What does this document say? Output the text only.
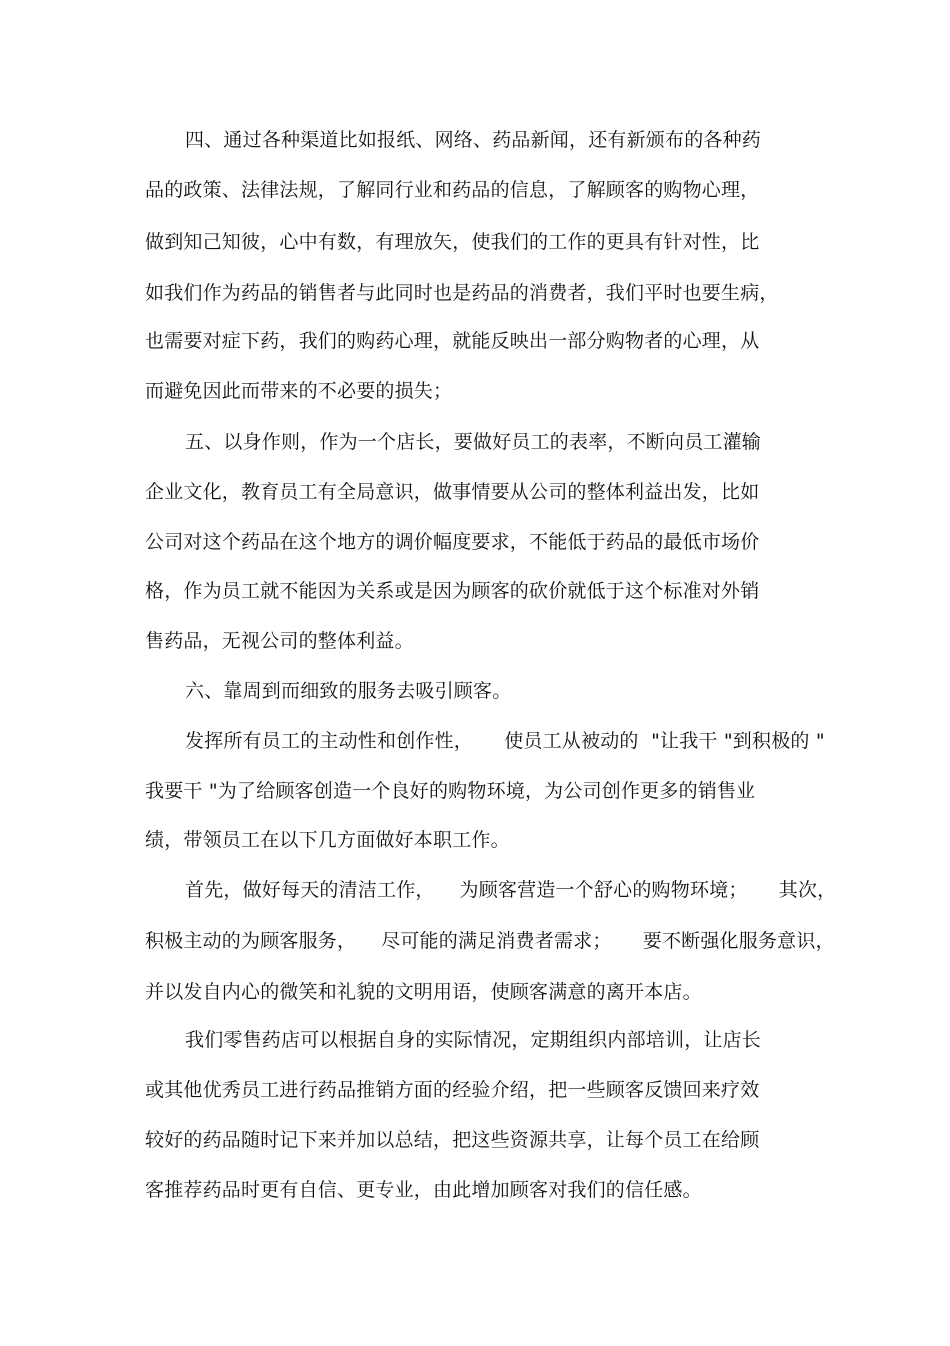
四、通过各种渠道比如报纸、网络、药品新闻，还有新颁布的各种药
品的政策、法律法规，了解同行业和药品的信息，了解顾客的购物心理，
做到知己知彼，心中有数，有理放矢，使我们的工作的更具有针对性，比
如我们作为药品的销售者与此同时也是药品的消费者，我们平时也要生病，
也需要对症下药，我们的购药心理，就能反映出一部分购物者的心理，从
而避免因此而带来的不必要的损失；
五、以身作则，作为一个店长，要做好员工的表率，不断向员工灌输
企业文化，教育员工有全局意识，做事情要从公司的整体利益出发，比如
公司对这个药品在这个地方的调价幅度要求，不能低于药品的最低市场价
格，作为员工就不能因为关系或是因为顾客的砍价就低于这个标准对外销
售药品，无视公司的整体利益。
六、靠周到而细致的服务去吸引顾客。
发挥所有员工的主动性和创作性，     使员工从被动的  "让我干 "到积极的 "
我要干 "为了给顾客创造一个良好的购物环境，为公司创作更多的销售业
绩，带领员工在以下几方面做好本职工作。
首先，做好每天的清洁工作，    为顾客营造一个舒心的购物环境；     其次，
积极主动的为顾客服务，    尽可能的满足消费者需求；     要不断强化服务意识，
并以发自内心的微笑和礼貌的文明用语，使顾客满意的离开本店。
我们零售药店可以根据自身的实际情况，定期组织内部培训，让店长
或其他优秀员工进行药品推销方面的经验介绍，把一些顾客反馈回来疗效
较好的药品随时记下来并加以总结，把这些资源共享，让每个员工在给顾
客推荐药品时更有自信、更专业，由此增加顾客对我们的信任感。
